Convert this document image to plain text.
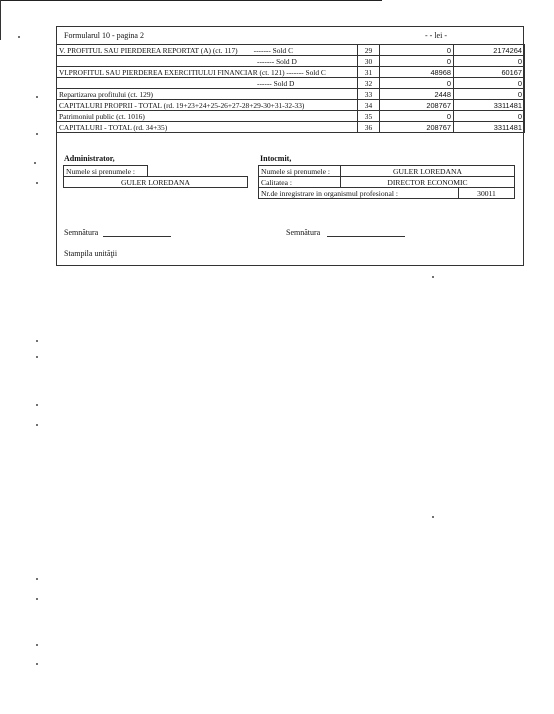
Formularul 10 - pagina 2	- - lei -
V. PROFITUL SAU PIERDEREA REPORTAT (A) (ct. 117) ------- Sold C	29	0	2174264

------- Sold D	30	0	0
VI.PROFITUL SAU PIERDEREA EXERCITIULUI FINANCIAR (ct. 121) ------- Sold C	31	48968	60167

------ Sold D	32	0	0
Repartizarea profitului (ct. 129)	33	2448	0
CAPITALURI PROPRII - TOTAL (rd. 19+23+24+25-26+27-28+29-30+31-32-33)	34	208767	3311481
Patrimoniul public (ct. 1016)	35	0	0
CAPITALURI - TOTAL (rd. 34+35)	36	208767	3311481
Administrator,
Numele si prenumele :	
GULER LOREDANA
Intocmit,
Numele si prenumele :	GULER LOREDANA	
Calitatea :	DIRECTOR ECONOMIC	
Nr.de inregistrare in organismul profesional :		30011
Semnătura	Semnătura
Stampila unităţii
